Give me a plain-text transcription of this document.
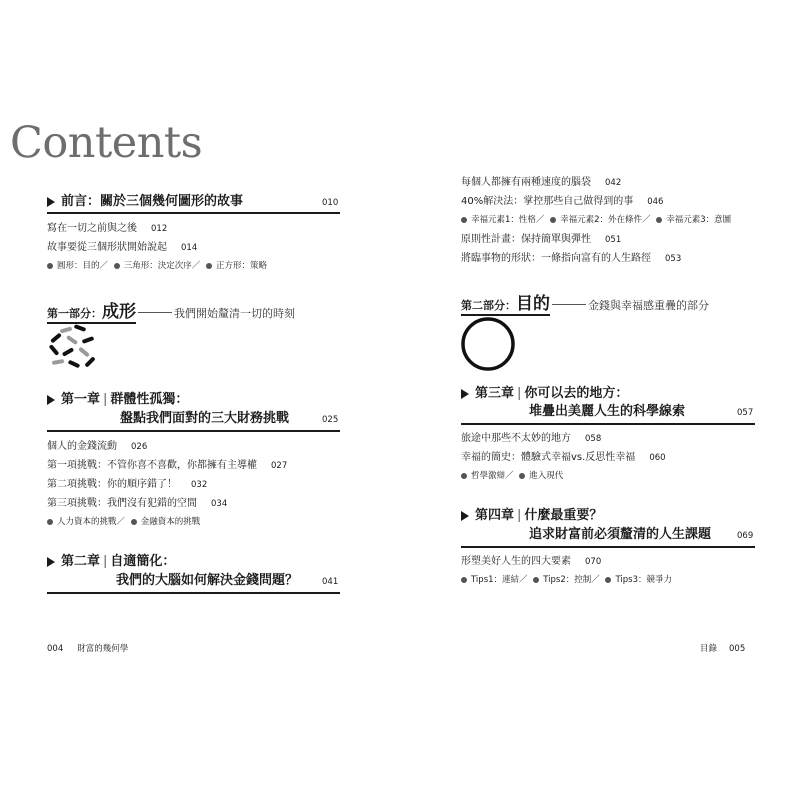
Contents
前言：關於三個幾何圖形的故事	010
寫在一切之前與之後 012
故事要從三個形狀開始說起 014
圓形：目的／ 三角形：決定次序／ 正方形：策略
第一部分：成形	我們開始釐清一切的時刻
第一章 | 群體性孤獨：
盤點我們面對的三大財務挑戰	025
個人的金錢流動 026
第一項挑戰：不管你喜不喜歡，你都擁有主導權 027
第二項挑戰：你的順序錯了！ 032
第三項挑戰：我們沒有犯錯的空間 034
人力資本的挑戰／ 金融資本的挑戰
第二章 | 自適簡化：
我們的大腦如何解決金錢問題？	041
004 財富的幾何學
每個人都擁有兩種速度的腦袋 042
40%解決法：掌控那些自己做得到的事 046
幸福元素1：性格／ 幸福元素2：外在條件／ 幸福元素3：意圖
原則性計畫：保持簡單與彈性 051
將臨事物的形狀：一條指向富有的人生路徑 053
第二部分：目的	金錢與幸福感重疊的部分
第三章 | 你可以去的地方：
堆疊出美麗人生的科學線索	057
旅途中那些不太妙的地方 058
幸福的簡史：體驗式幸福vs.反思性幸福 060
哲學激辯／ 進入現代
第四章 | 什麼最重要？
追求財富前必須釐清的人生課題	069
形塑美好人生的四大要素 070
Tips1：連結／ Tips2：控制／ Tips3：競爭力
目錄 005
